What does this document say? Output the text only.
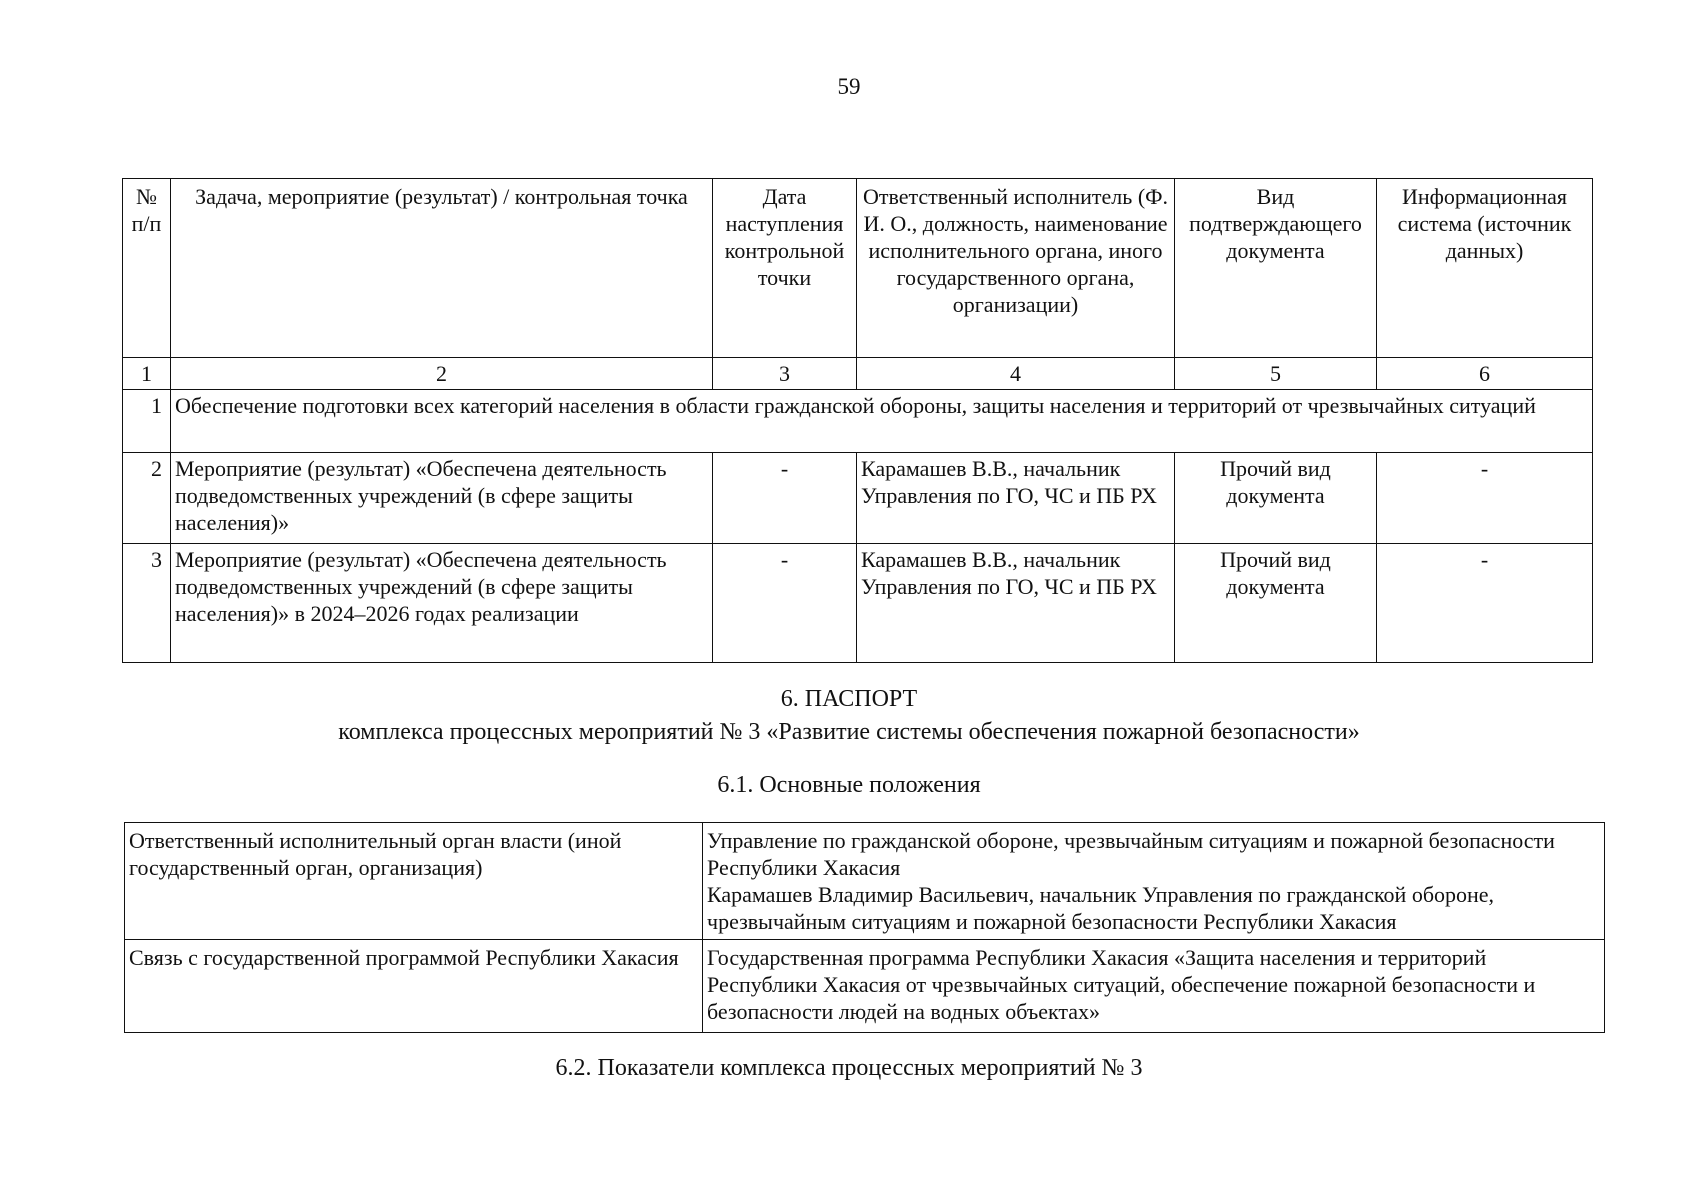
59
№ п/п	Задача, мероприятие (результат) / контрольная точка	Дата наступления контрольной точки	Ответственный исполнитель (Ф. И. О., должность, наименование исполнительного органа, иного государственного органа, организации)	Вид подтверждающего документа	Информационная система (источник данных)
1	2	3	4	5	6
1	Обеспечение подготовки всех категорий населения в области гражданской обороны, защиты населения и территорий от чрезвычайных ситуаций				
2	Мероприятие (результат) «Обеспечена деятельность подведомственных учреждений (в сфере защиты населения)»	-	Карамашев В.В., начальник Управления по ГО, ЧС и ПБ РХ	Прочий вид документа	-
3	Мероприятие (результат) «Обеспечена деятельность подведомственных учреждений (в сфере защиты населения)» в 2024–2026 годах реализации	-	Карамашев В.В., начальник Управления по ГО, ЧС и ПБ РХ	Прочий вид документа	-
6. ПАСПОРТ
комплекса процессных мероприятий № 3 «Развитие системы обеспечения пожарной безопасности»
6.1. Основные положения
Ответственный исполнительный орган власти (иной государственный орган, организация)	Управление по гражданской обороне, чрезвычайным ситуациям и пожарной безопасности Республики Хакасия
Карамашев Владимир Васильевич, начальник Управления по гражданской обороне, чрезвычайным ситуациям и пожарной безопасности Республики Хакасия

Связь с государственной программой Республики Хакасия	Государственная программа Республики Хакасия «Защита населения и территорий Республики Хакасия от чрезвычайных ситуаций, обеспечение пожарной безопасности и безопасности людей на водных объектах»
6.2. Показатели комплекса процессных мероприятий № 3
